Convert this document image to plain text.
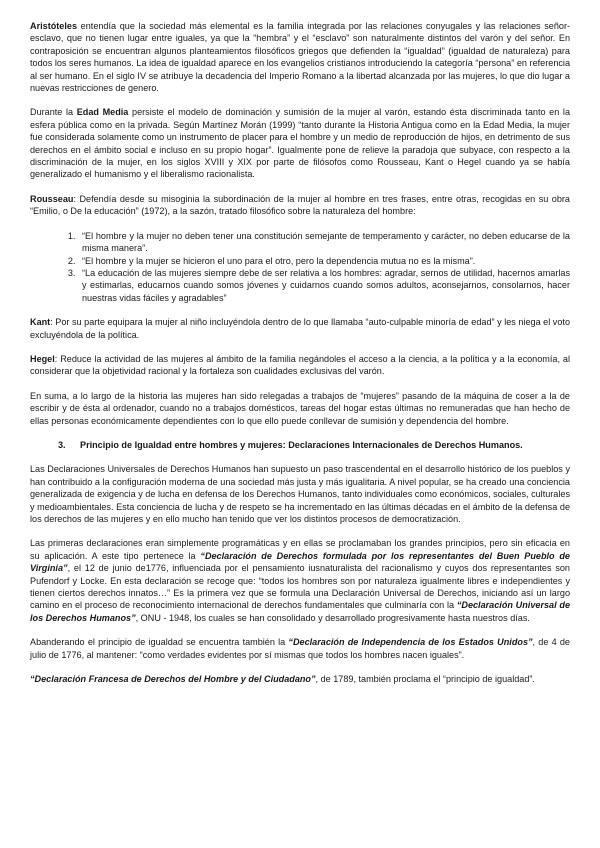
Aristóteles entendía que la sociedad más elemental es la familia integrada por las relaciones conyugales y las relaciones señor-esclavo, que no tienen lugar entre iguales, ya que la “hembra” y el “esclavo” son naturalmente distintos del varón y del señor. En contraposición se encuentran algunos planteamientos filosóficos griegos que defienden la “igualdad” (igualdad de naturaleza) para todos los seres humanos. La idea de igualdad aparece en los evangelios cristianos introduciendo la categoría “persona” en referencia al ser humano. En el siglo IV se atribuye la decadencia del Imperio Romano a la libertad alcanzada por las mujeres, lo que dio lugar a nuevas restricciones de genero.

Durante la Edad Media persiste el modelo de dominación y sumisión de la mujer al varón, estando ésta discriminada tanto en la esfera pública como en la privada. Según Martínez Morán (1999) “tanto durante la Historia Antigua como en la Edad Media, la mujer fue considerada solamente como un instrumento de placer para el hombre y un medio de reproducción de hijos, en detrimento de sus derechos en el ámbito social e incluso en su propio hogar”. Igualmente pone de relieve la paradoja que subyace, con respecto a la discriminación de la mujer, en los siglos XVIII y XIX por parte de filósofos como Rousseau, Kant o Hegel cuando ya se había generalizado el humanismo y el liberalismo racionalista.

Rousseau: Defendía desde su misoginia la subordinación de la mujer al hombre en tres frases, entre otras, recogidas en su obra “Emilio, o De la educación” (1972), a la sazón, tratado filosófico sobre la naturaleza del hombre:

1. “El hombre y la mujer no deben tener una constitución semejante de temperamento y carácter, no deben educarse de la misma manera”.
2. “El hombre y la mujer se hicieron el uno para el otro, pero la dependencia mutua no es la misma”.
3. “La educación de las mujeres siempre debe de ser relativa a los hombres: agradar, sernos de utilidad, hacernos amarlas y estimarlas, educarnos cuando somos jóvenes y cuidarnos cuando somos adultos, aconsejarnos, consolarnos, hacer nuestras vidas fáciles y agradables”

Kant: Por su parte equipara la mujer al niño incluyéndola dentro de lo que llamaba “auto-culpable minoría de edad” y les niega el voto excluyéndola de la política.

Hegel: Reduce la actividad de las mujeres al ámbito de la familia negándoles el acceso a la ciencia, a la política y a la economía, al considerar que la objetividad racional y la fortaleza son cualidades exclusivas del varón.

En suma, a lo largo de la historia las mujeres han sido relegadas a trabajos de “mujeres” pasando de la máquina de coser a la de escribir y de ésta al ordenador, cuando no a trabajos domésticos, tareas del hogar estas últimas no remuneradas que han hecho de ellas personas económicamente dependientes con lo que ello puede conllevar de sumisión y dependencia del hombre.

3. Principio de Igualdad entre hombres y mujeres: Declaraciones Internacionales de Derechos Humanos.

Las Declaraciones Universales de Derechos Humanos han supuesto un paso trascendental en el desarrollo histórico de los pueblos y han contribuido a la configuración moderna de una sociedad más justa y más igualitaria. A nivel popular, se ha creado una conciencia generalizada de exigencia y de lucha en defensa de los Derechos Humanos, tanto individuales como económicos, sociales, culturales y medioambientales. Esta conciencia de lucha y de respeto se ha incrementado en las últimas décadas en el ámbito de la defensa de los derechos de las mujeres y en ello mucho han tenido que ver los distintos procesos de democratización.

Las primeras declaraciones eran simplemente programáticas y en ellas se proclamaban los grandes principios, pero sin eficacia en su aplicación. A este tipo pertenece la “Declaración de Derechos formulada por los representantes del Buen Pueblo de Virginia”, el 12 de junio de1776, influenciada por el pensamiento iusnaturalista del racionalismo y cuyos dos representantes son Pufendorf y Locke. En esta declaración se recoge que: “todos los hombres son por naturaleza igualmente libres e independientes y tienen ciertos derechos innatos…” Es la primera vez que se formula una Declaración Universal de Derechos, iniciando así un largo camino en el proceso de reconocimiento internacional de derechos fundamentales que culminaría con la “Declaración Universal de los Derechos Humanos”, ONU - 1948, los cuales se han consolidado y desarrollado progresivamente hasta nuestros días.

Abanderando el principio de igualdad se encuentra también la “Declaración de Independencia de los Estados Unidos”, de 4 de julio de 1776, al mantener: “como verdades evidentes por sí mismas que todos los hombres nacen iguales”.

“Declaración Francesa de Derechos del Hombre y del Ciudadano”, de 1789, también proclama el “principio de igualdad”.
